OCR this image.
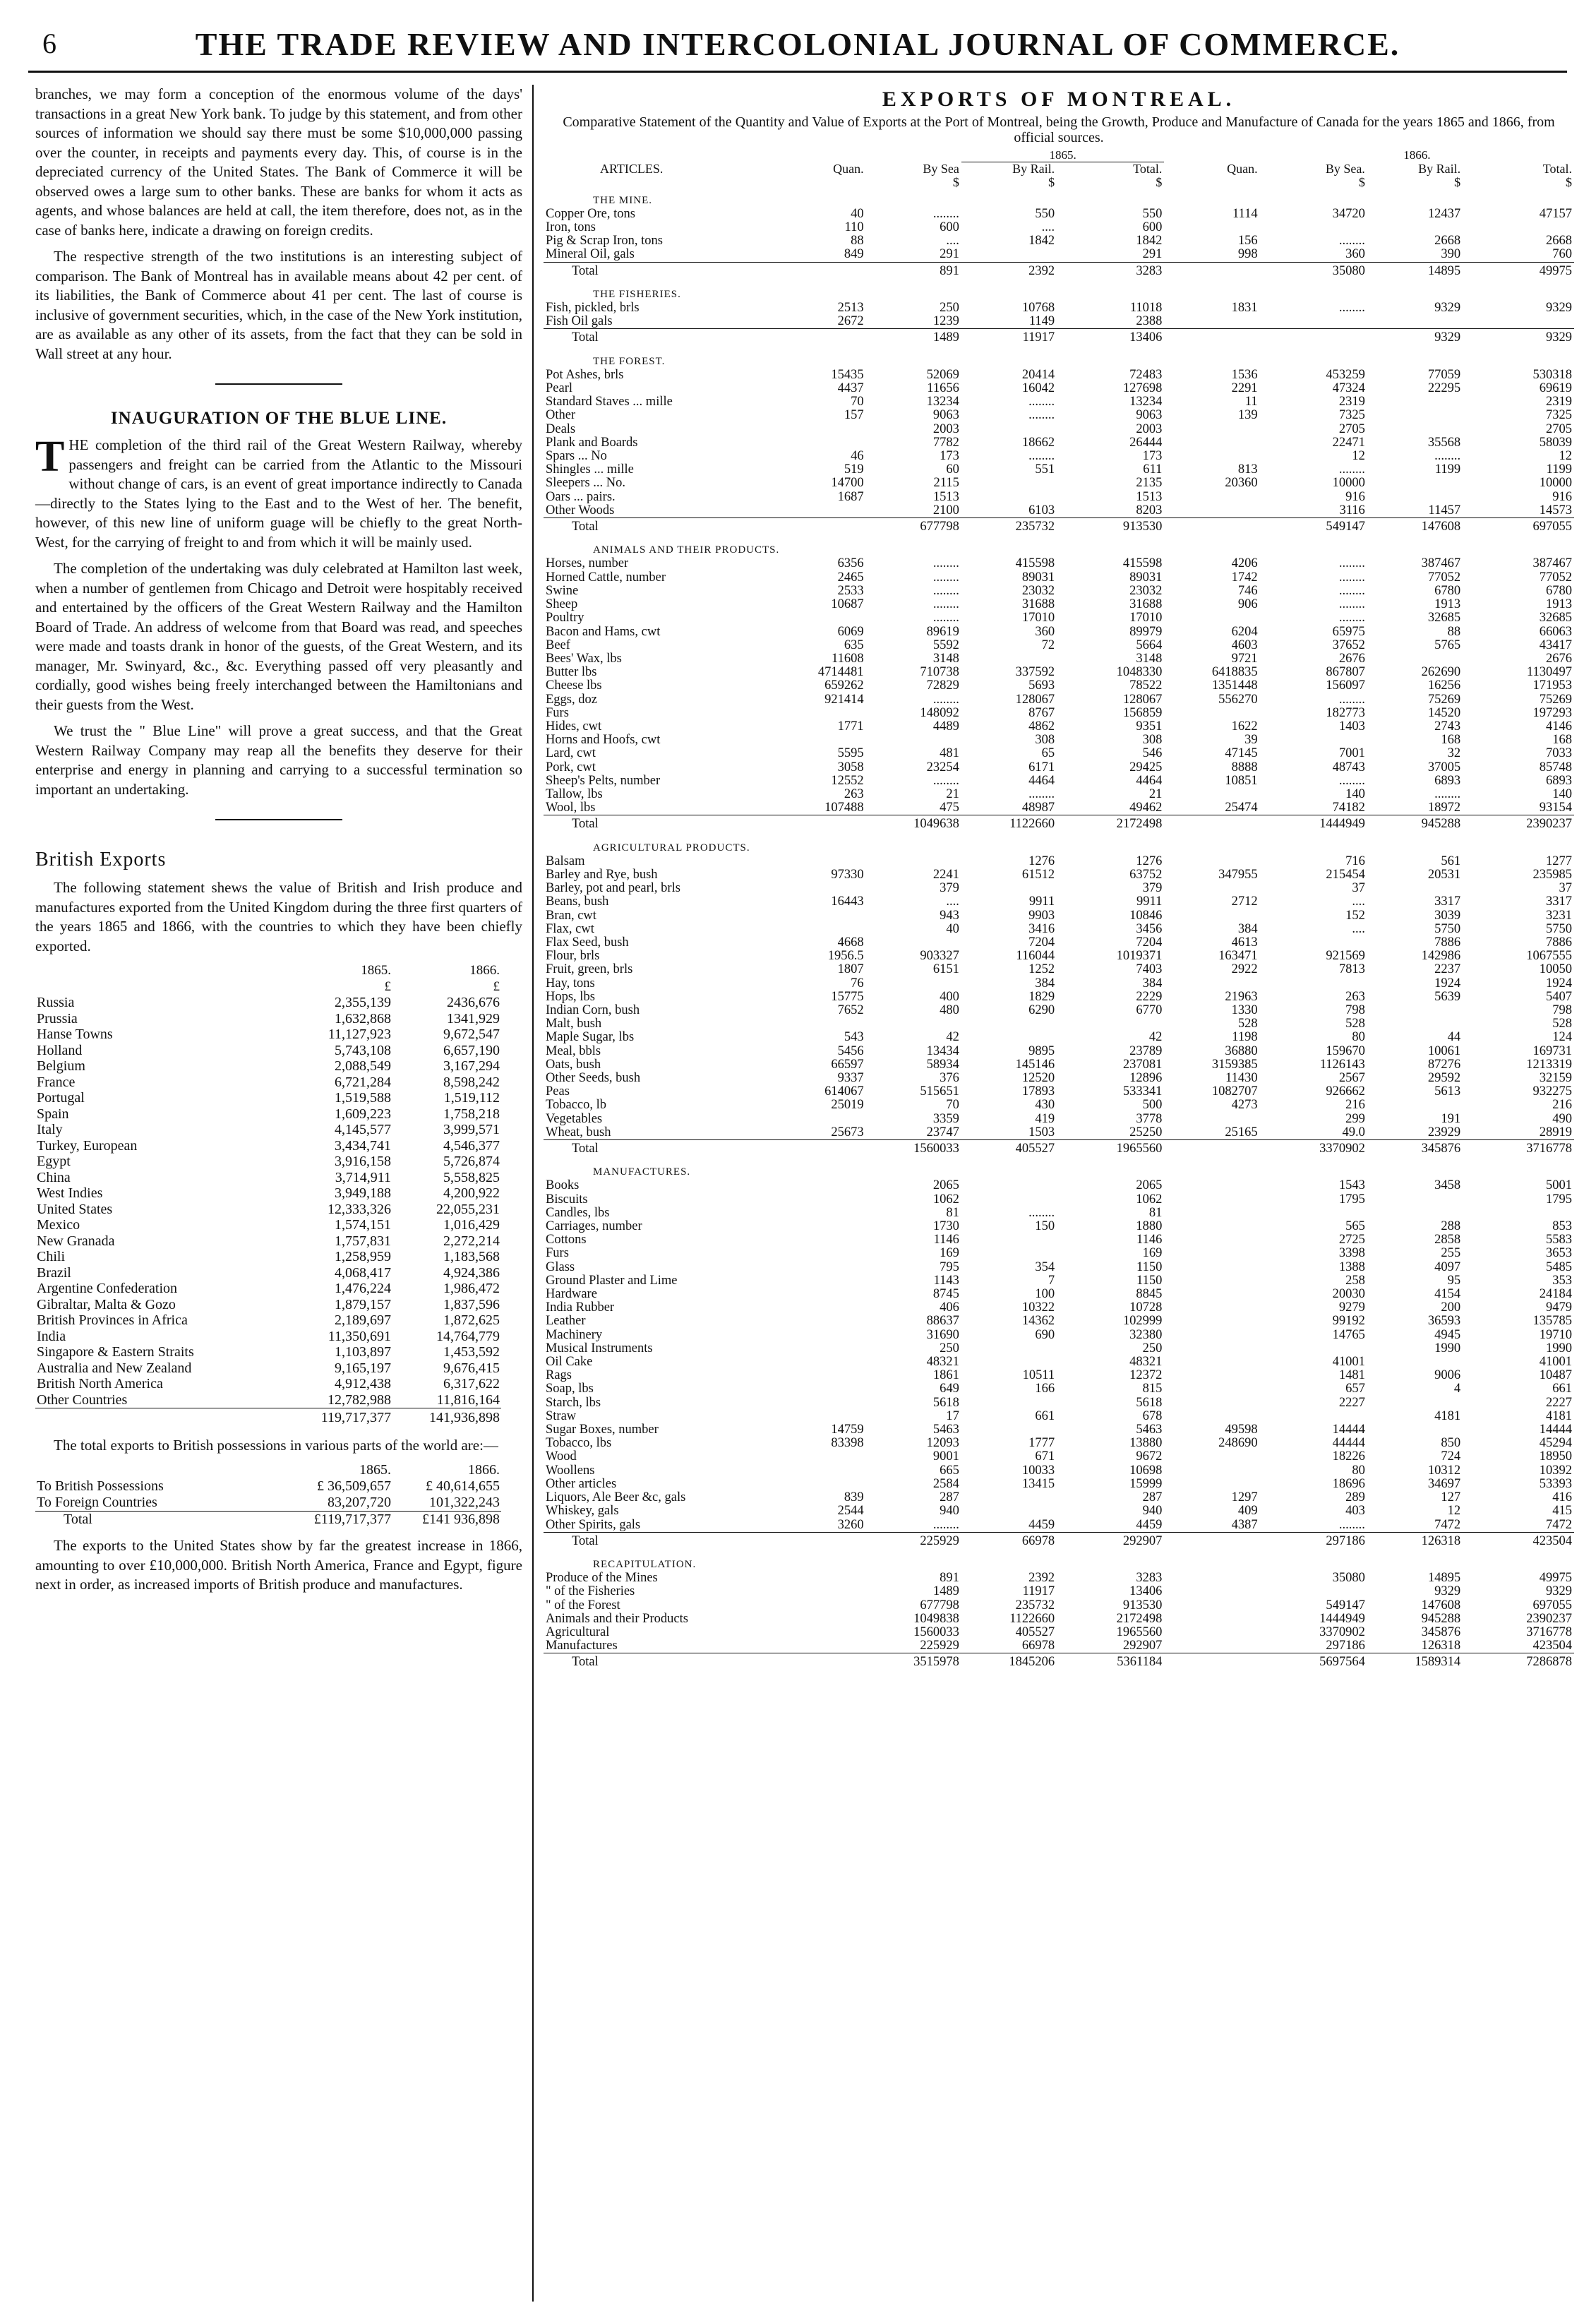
6	THE TRADE REVIEW AND INTERCOLONIAL JOURNAL OF COMMERCE.

branches, we may form a conception of the enormous volume of the days' transactions in a great New York bank. To judge by this statement, and from other sources of information we should say there must be some $10,000,000 passing over the counter, in receipts and payments every day. This, of course is in the depreciated currency of the United States. The Bank of Commerce it will be observed owes a large sum to other banks. These are banks for whom it acts as agents, and whose balances are held at call, the item therefore, does not, as in the case of banks here, indicate a drawing on foreign credits.

The respective strength of the two institutions is an interesting subject of comparison. The Bank of Montreal has in available means about 42 per cent. of its liabilities, the Bank of Commerce about 41 per cent. The last of course is inclusive of government securities, which, in the case of the New York institution, are as available as any other of its assets, from the fact that they can be sold in Wall street at any hour.

INAUGURATION OF THE BLUE LINE.

THE completion of the third rail of the Great Western Railway, whereby passengers and freight can be carried from the Atlantic to the Missouri without change of cars, is an event of great importance indirectly to Canada—directly to the States lying to the East and to the West of her. The benefit, however, of this new line of uniform guage will be chiefly to the great North-West, for the carrying of freight to and from which it will be mainly used.

The completion of the undertaking was duly celebrated at Hamilton last week, when a number of gentlemen from Chicago and Detroit were hospitably received and entertained by the officers of the Great Western Railway and the Hamilton Board of Trade. An address of welcome from that Board was read, and speeches were made and toasts drank in honor of the guests, of the Great Western, and its manager, Mr. Swinyard, &c., &c. Everything passed off very pleasantly and cordially, good wishes being freely interchanged between the Hamiltonians and their guests from the West.

We trust the " Blue Line" will prove a great success, and that the Great Western Railway Company may reap all the benefits they deserve for their enterprise and energy in planning and carrying to a successful termination so important an undertaking.

British Exports

The following statement shews the value of British and Irish produce and manufactures exported from the United Kingdom during the three first quarters of the years 1865 and 1866, with the countries to which they have been chiefly exported.

	1865.	1866.
	£	£
Russia	2,355,139	2436,676
Prussia	1,632,868	1341,929
Hanse Towns	11,127,923	9,672,547
Holland	5,743,108	6,657,190
Belgium	2,088,549	3,167,294
France	6,721,284	8,598,242
Portugal	1,519,588	1,519,112
Spain	1,609,223	1,758,218
Italy	4,145,577	3,999,571
Turkey, European	3,434,741	4,546,377
Egypt	3,916,158	5,726,874
China	3,714,911	5,558,825
West Indies	3,949,188	4,200,922
United States	12,333,326	22,055,231
Mexico	1,574,151	1,016,429
New Granada	1,757,831	2,272,214
Chili	1,258,959	1,183,568
Brazil	4,068,417	4,924,386
Argentine Confederation	1,476,224	1,986,472
Gibraltar, Malta & Gozo	1,879,157	1,837,596
British Provinces in Africa	2,189,697	1,872,625
India	11,350,691	14,764,779
Singapore & Eastern Straits	1,103,897	1,453,592
Australia and New Zealand	9,165,197	9,676,415
British North America	4,912,438	6,317,622
Other Countries	12,782,988	11,816,164
	119,717,377	141,936,898

The total exports to British possessions in various parts of the world are:—

	1865.	1866.
To British Possessions	£ 36,509,657	£ 40,614,655
To Foreign Countries	83,207,720	101,322,243
Total	£119,717,377	£141 936,898

The exports to the United States show by far the greatest increase in 1866, amounting to over £10,000,000. British North America, France and Egypt, figure next in order, as increased imports of British produce and manufactures.

EXPORTS OF MONTREAL.
Comparative Statement of the Quantity and Value of Exports at the Port of Montreal, being the Growth, Produce and Manufacture of Canada for the years 1865 and 1866, from official sources.
			1865.			1866.		
ARTICLES.	Quan.	By Sea	By Rail.	Total.	Quan.	By Sea.	By Rail.	Total.
		$	$	$		$	$	$
THE MINE.								
Copper Ore, tons	40	........	550	550	1114	34720	12437	47157
Iron, tons	110	600	....	600				
Pig & Scrap Iron, tons	88	....	1842	1842	156	........	2668	2668
Mineral Oil, gals	849	291		291	998	360	390	760
Total		891	2392	3283		35080	14895	49975
THE FISHERIES.								
Fish, pickled, brls	2513	250	10768	11018	1831	........	9329	9329
Fish Oil gals	2672	1239	1149	2388				
Total		1489	11917	13406			9329	9329
THE FOREST.								
Pot Ashes, brls	15435	52069	20414	72483	1536	453259	77059	530318
Pearl	4437	11656	16042	127698	2291	47324	22295	69619
Standard Staves ... mille	70	13234	........	13234	11	2319		2319
Other	157	9063	........	9063	139	7325		7325
Deals		2003		2003		2705		2705
Plank and Boards		7782	18662	26444		22471	35568	58039
Spars ... No	46	173	........	173		12	........	12
Shingles ... mille	519	60	551	611	813	........	1199	1199
Sleepers ... No.	14700	2115		2135	20360	10000		10000
Oars ... pairs.	1687	1513		1513		916		916
Other Woods		2100	6103	8203		3116	11457	14573
Total		677798	235732	913530		549147	147608	697055
ANIMALS AND THEIR PRODUCTS.								
Horses, number	6356	........	415598	415598	4206	........	387467	387467
Horned Cattle, number	2465	........	89031	89031	1742	........	77052	77052
Swine	2533	........	23032	23032	746	........	6780	6780
Sheep	10687	........	31688	31688	906	........	1913	1913
Poultry		........	17010	17010		........	32685	32685
Bacon and Hams, cwt	6069	89619	360	89979	6204	65975	88	66063
Beef	635	5592	72	5664	4603	37652	5765	43417
Bees' Wax, lbs	11608	3148		3148	9721	2676		2676
Butter lbs	4714481	710738	337592	1048330	6418835	867807	262690	1130497
Cheese lbs	659262	72829	5693	78522	1351448	156097	16256	171953
Eggs, doz	921414	........	128067	128067	556270	........	75269	75269
Furs		148092	8767	156859		182773	14520	197293
Hides, cwt	1771	4489	4862	9351	1622	1403	2743	4146
Horns and Hoofs, cwt			308	308	39		168	168
Lard, cwt	5595	481	65	546	47145	7001	32	7033
Pork, cwt	3058	23254	6171	29425	8888	48743	37005	85748
Sheep's Pelts, number	12552	........	4464	4464	10851	........	6893	6893
Tallow, lbs	263	21	........	21		140	........	140
Wool, lbs	107488	475	48987	49462	25474	74182	18972	93154
Total		1049638	1122660	2172498		1444949	945288	2390237
AGRICULTURAL PRODUCTS.								
Balsam			1276	1276		716	561	1277
Barley and Rye, bush	97330	2241	61512	63752	347955	215454	20531	235985
Barley, pot and pearl, brls		379		379		37		37
Beans, bush	16443	....	9911	9911	2712	....	3317	3317
Bran, cwt		943	9903	10846		152	3039	3231
Flax, cwt		40	3416	3456	384	....	5750	5750
Flax Seed, bush	4668		7204	7204	4613		7886	7886
Flour, brls	1956.5	903327	116044	1019371	163471	921569	142986	1067555
Fruit, green, brls	1807	6151	1252	7403	2922	7813	2237	10050
Hay, tons	76		384	384			1924	1924
Hops, lbs	15775	400	1829	2229	21963	263	5639	5407
Indian Corn, bush	7652	480	6290	6770	1330	798		798
Malt, bush					528	528		528
Maple Sugar, lbs	543	42		42	1198	80	44	124
Meal, bbls	5456	13434	9895	23789	36880	159670	10061	169731
Oats, bush	66597	58934	145146	237081	3159385	1126143	87276	1213319
Other Seeds, bush	9337	376	12520	12896	11430	2567	29592	32159
Peas	614067	515651	17893	533341	1082707	926662	5613	932275
Tobacco, lb	25019	70	430	500	4273	216		216
Vegetables		3359	419	3778		299	191	490
Wheat, bush	25673	23747	1503	25250	25165	49.0	23929	28919
Total		1560033	405527	1965560		3370902	345876	3716778
MANUFACTURES.								
Books		2065		2065		1543	3458	5001
Biscuits		1062		1062		1795		1795
Candles, lbs		81	........	81				
Carriages, number		1730	150	1880		565	288	853
Cottons		1146		1146		2725	2858	5583
Furs		169		169		3398	255	3653
Glass		795	354	1150		1388	4097	5485
Ground Plaster and Lime		1143	7	1150		258	95	353
Hardware		8745	100	8845		20030	4154	24184
India Rubber		406	10322	10728		9279	200	9479
Leather		88637	14362	102999		99192	36593	135785
Machinery		31690	690	32380		14765	4945	19710
Musical Instruments		250		250			1990	1990
Oil Cake		48321		48321		41001		41001
Rags		1861	10511	12372		1481	9006	10487
Soap, lbs		649	166	815		657	4	661
Starch, lbs		5618		5618		2227		2227
Straw		17	661	678			4181	4181
Sugar Boxes, number	14759	5463		5463	49598	14444		14444
Tobacco, lbs	83398	12093	1777	13880	248690	44444	850	45294
Wood		9001	671	9672		18226	724	18950
Woollens		665	10033	10698		80	10312	10392
Other articles		2584	13415	15999		18696	34697	53393
Liquors, Ale Beer &c, gals	839	287		287	1297	289	127	416
Whiskey, gals	2544	940		940	409	403	12	415
Other Spirits, gals	3260	........	4459	4459	4387	........	7472	7472
Total		225929	66978	292907		297186	126318	423504
RECAPITULATION.								
Produce of the Mines		891	2392	3283		35080	14895	49975
" of the Fisheries		1489	11917	13406			9329	9329
" of the Forest		677798	235732	913530		549147	147608	697055
Animals and their Products		1049838	1122660	2172498		1444949	945288	2390237
Agricultural		1560033	405527	1965560		3370902	345876	3716778
Manufactures		225929	66978	292907		297186	126318	423504
Total		3515978	1845206	5361184		5697564	1589314	7286878
